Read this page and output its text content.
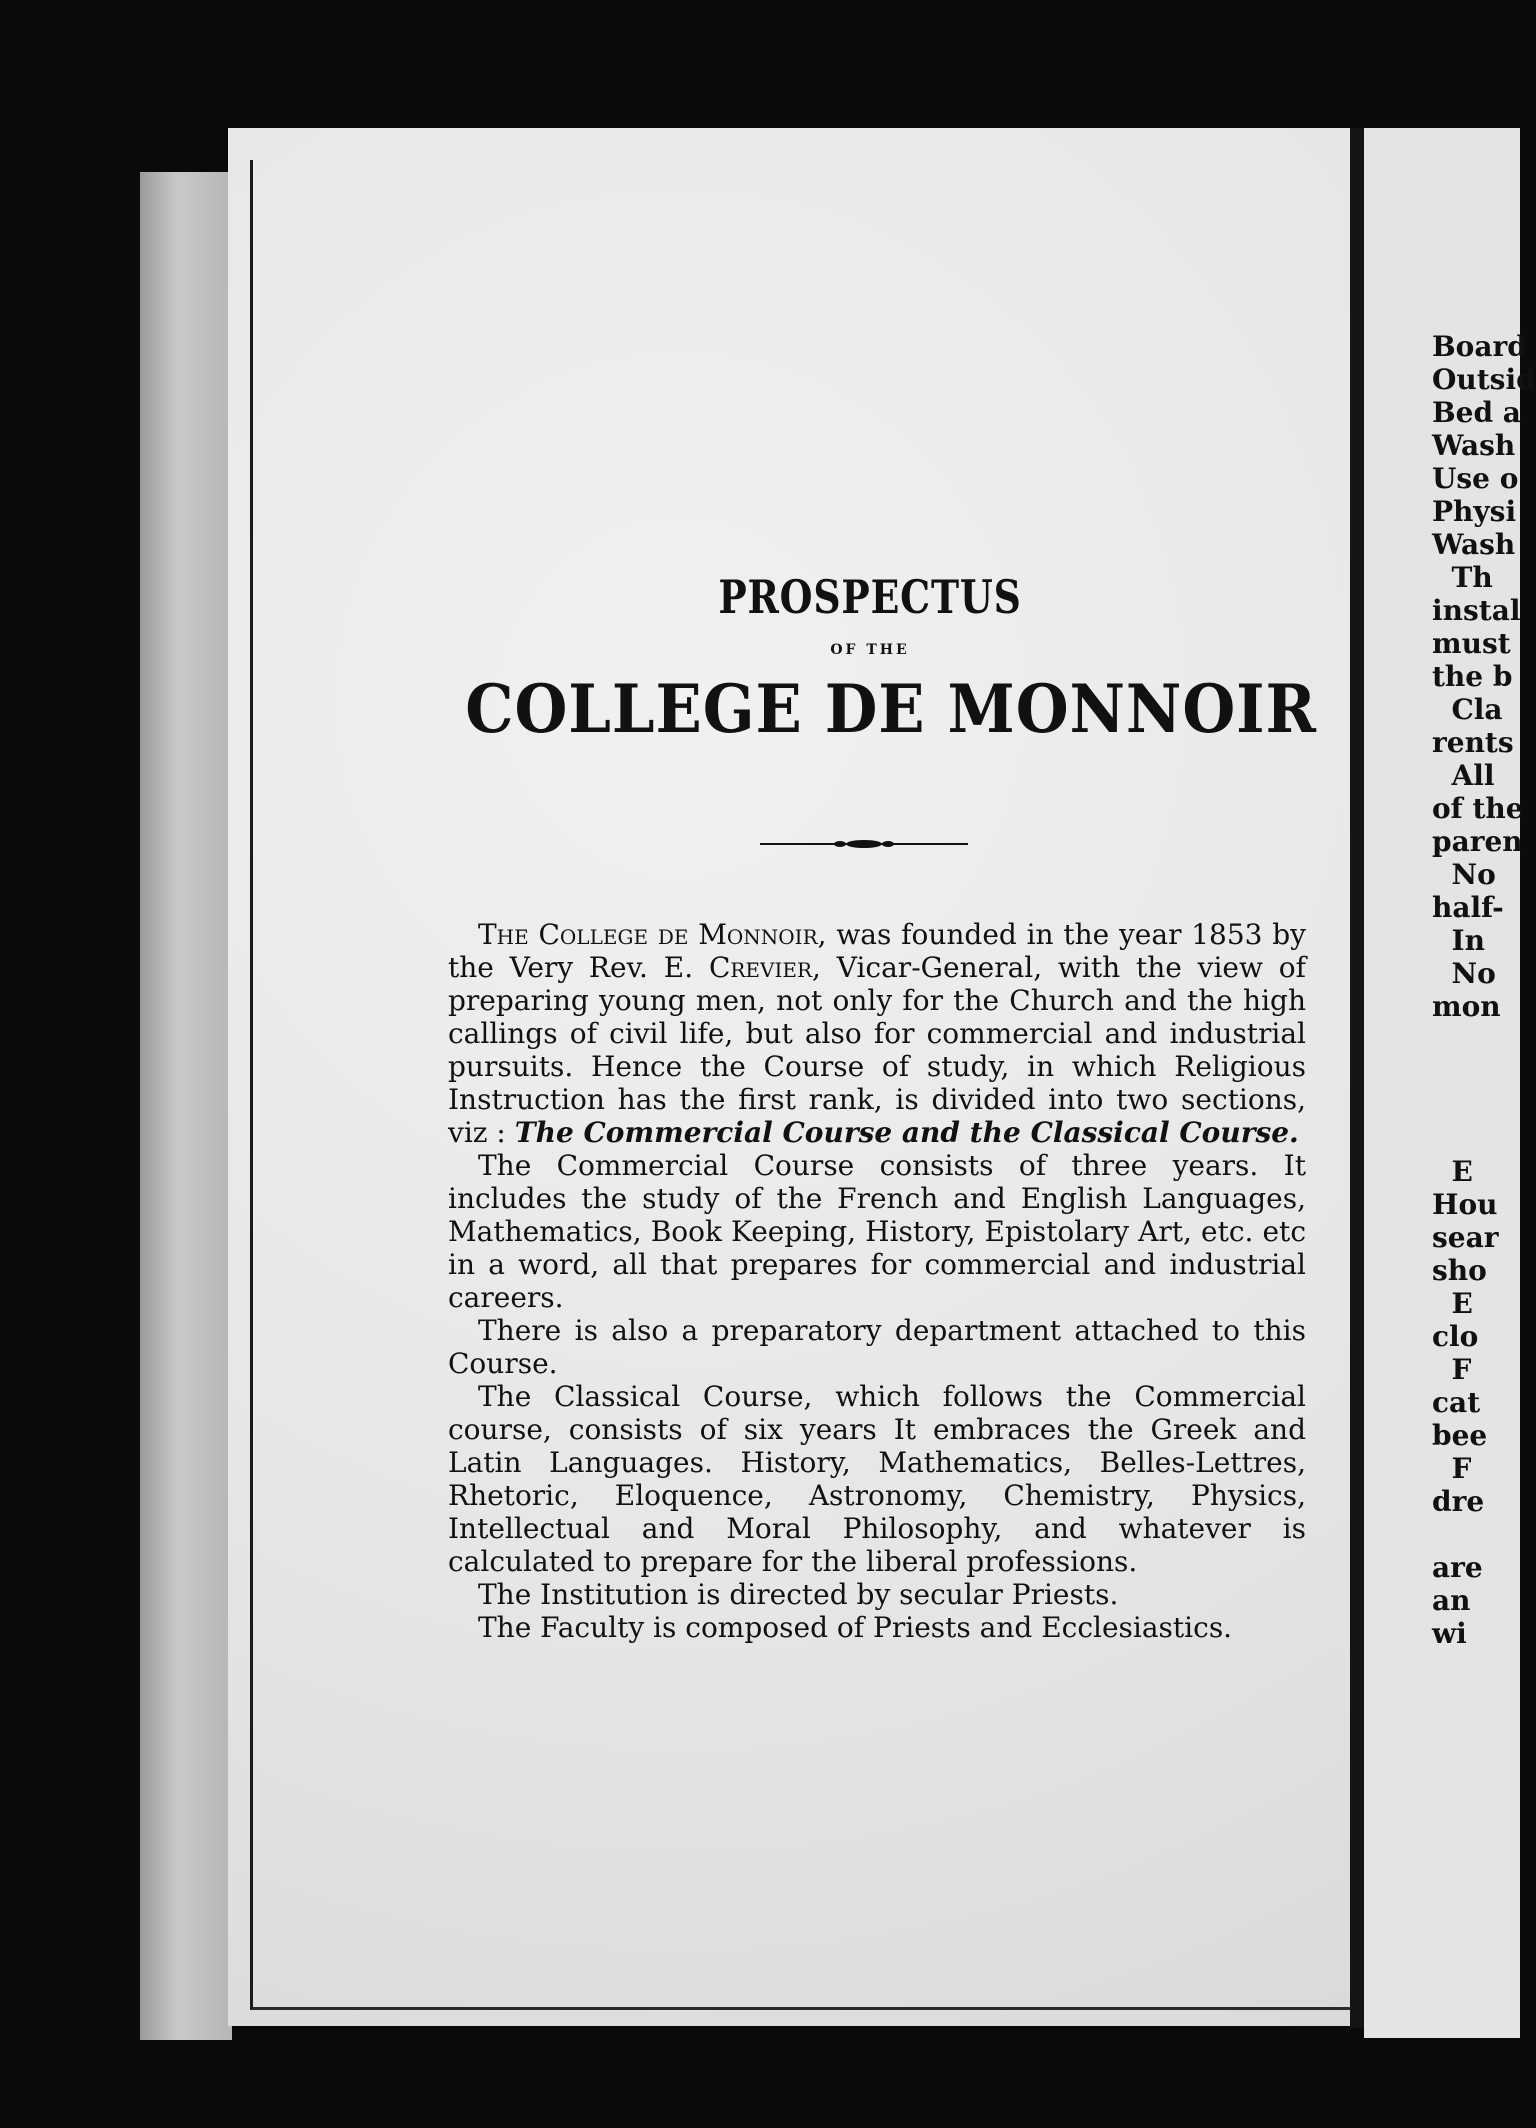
Board
Outsid
Bed a
Wash
Use o
Physi
Wash
Th
instal
must
the b
Cla
rents
All
of the
paren
No
half-
In
No
mon
E
Hou
sear
sho
E
clo
F
cat
bee
F
dre
are
an
wi
PROSPECTUS
OF THE
COLLEGE DE MONNOIR

The College de Monnoir, was founded in the year 1853 by the Very Rev. E. Crevier, Vicar-General, with the view of preparing young men, not only for the Church and the high callings of civil life, but also for commercial and industrial pursuits. Hence the Course of study, in which Religious Instruction has the first rank, is divided into two sections, viz : The Commercial Course and the Classical Course.

The Commercial Course consists of three years. It includes the study of the French and English Languages, Mathematics, Book Keeping, History, Epistolary Art, etc. etc in a word, all that prepares for commercial and industrial careers.

There is also a preparatory department attached to this Course.

The Classical Course, which follows the Commercial course, consists of six years It embraces the Greek and Latin Languages. History, Mathematics, Belles-Lettres, Rhetoric, Eloquence, Astronomy, Chemistry, Physics, Intellectual and Moral Philosophy, and whatever is calculated to prepare for the liberal professions.

The Institution is directed by secular Priests.

The Faculty is composed of Priests and Ecclesiastics.
